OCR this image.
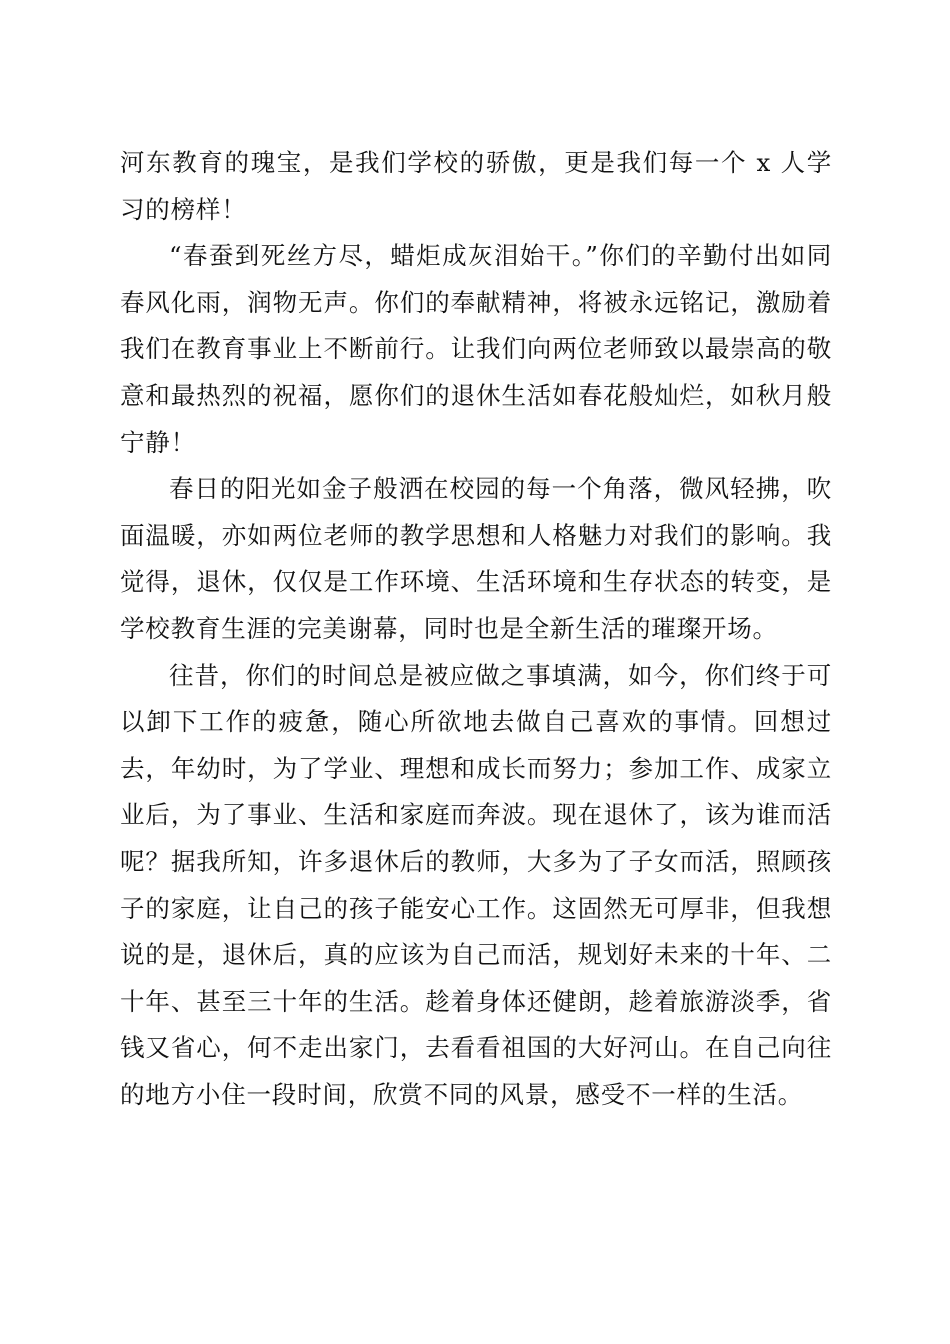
河东教育的瑰宝，是我们学校的骄傲，更是我们每一个 x 人学习的榜样！

“春蚕到死丝方尽，蜡炬成灰泪始干。”你们的辛勤付出如同春风化雨，润物无声。你们的奉献精神，将被永远铭记，激励着我们在教育事业上不断前行。让我们向两位老师致以最崇高的敬意和最热烈的祝福，愿你们的退休生活如春花般灿烂，如秋月般宁静！

春日的阳光如金子般洒在校园的每一个角落，微风轻拂，吹面温暖，亦如两位老师的教学思想和人格魅力对我们的影响。我觉得，退休，仅仅是工作环境、生活环境和生存状态的转变，是学校教育生涯的完美谢幕，同时也是全新生活的璀璨开场。

往昔，你们的时间总是被应做之事填满，如今，你们终于可以卸下工作的疲惫，随心所欲地去做自己喜欢的事情。回想过去，年幼时，为了学业、理想和成长而努力；参加工作、成家立业后，为了事业、生活和家庭而奔波。现在退休了，该为谁而活呢？据我所知，许多退休后的教师，大多为了子女而活，照顾孩子的家庭，让自己的孩子能安心工作。这固然无可厚非，但我想说的是，退休后，真的应该为自己而活，规划好未来的十年、二十年、甚至三十年的生活。趁着身体还健朗，趁着旅游淡季，省钱又省心，何不走出家门，去看看祖国的大好河山。在自己向往的地方小住一段时间，欣赏不同的风景，感受不一样的生活。
